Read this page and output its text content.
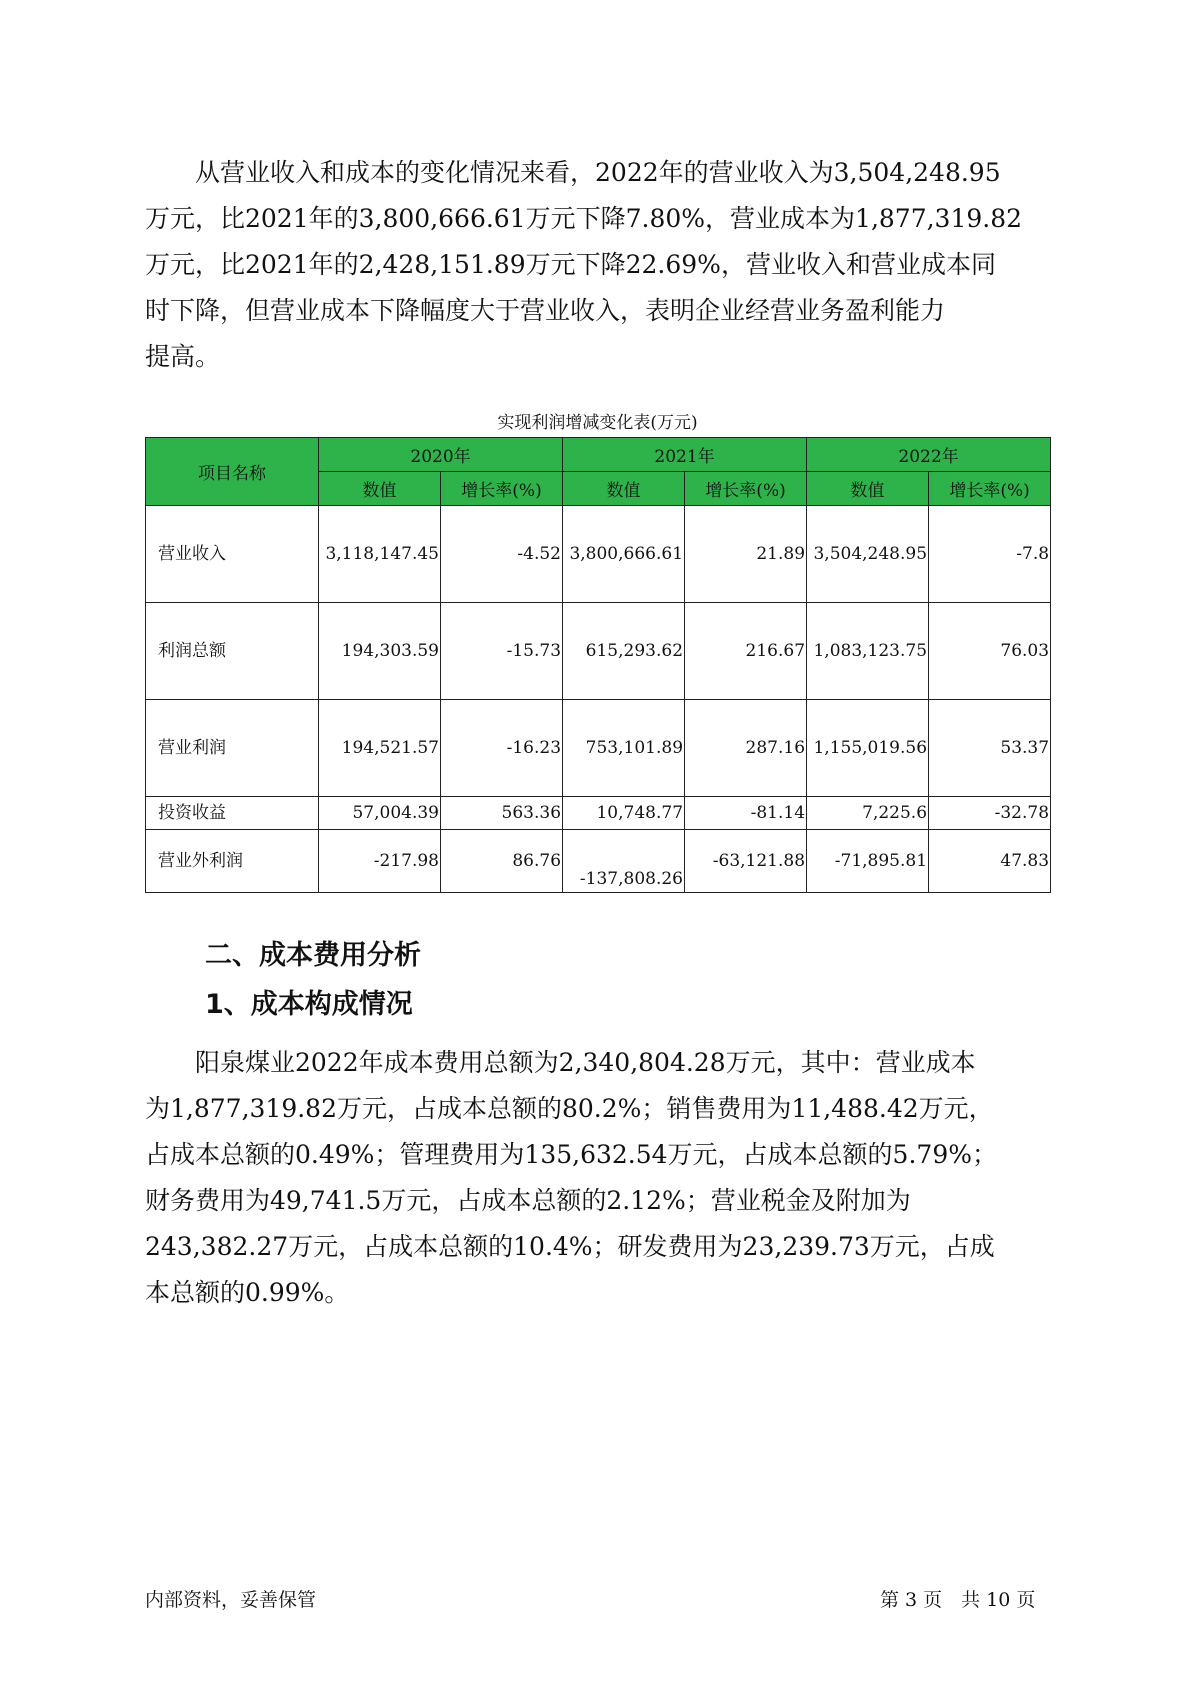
　　从营业收入和成本的变化情况来看，2022年的营业收入为3,504,248.95
万元，比2021年的3,800,666.61万元下降7.80%，营业成本为1,877,319.82
万元，比2021年的2,428,151.89万元下降22.69%，营业收入和营业成本同
时下降，但营业成本下降幅度大于营业收入，表明企业经营业务盈利能力
提高。
实现利润增减变化表(万元)
项目名称	2020年		2021年		2022年	
	数值	增长率(%)	数值	增长率(%)	数值	增长率(%)
营业收入	3,118,147.45	-4.52	3,800,666.61	21.89	3,504,248.95	-7.8
利润总额	194,303.59	-15.73	615,293.62	216.67	1,083,123.75	76.03
营业利润	194,521.57	-16.23	753,101.89	287.16	1,155,019.56	53.37
投资收益	57,004.39	563.36	10,748.77	-81.14	7,225.6	-32.78
营业外利润	-217.98	86.76	-137,808.26	-63,121.88	-71,895.81	47.83
二、成本费用分析
1、成本构成情况
　　阳泉煤业2022年成本费用总额为2,340,804.28万元，其中：营业成本
为1,877,319.82万元，占成本总额的80.2%；销售费用为11,488.42万元，
占成本总额的0.49%；管理费用为135,632.54万元，占成本总额的5.79%；
财务费用为49,741.5万元，占成本总额的2.12%；营业税金及附加为
243,382.27万元，占成本总额的10.4%；研发费用为23,239.73万元，占成
本总额的0.99%。
内部资料，妥善保管	第 3 页　共 10 页
